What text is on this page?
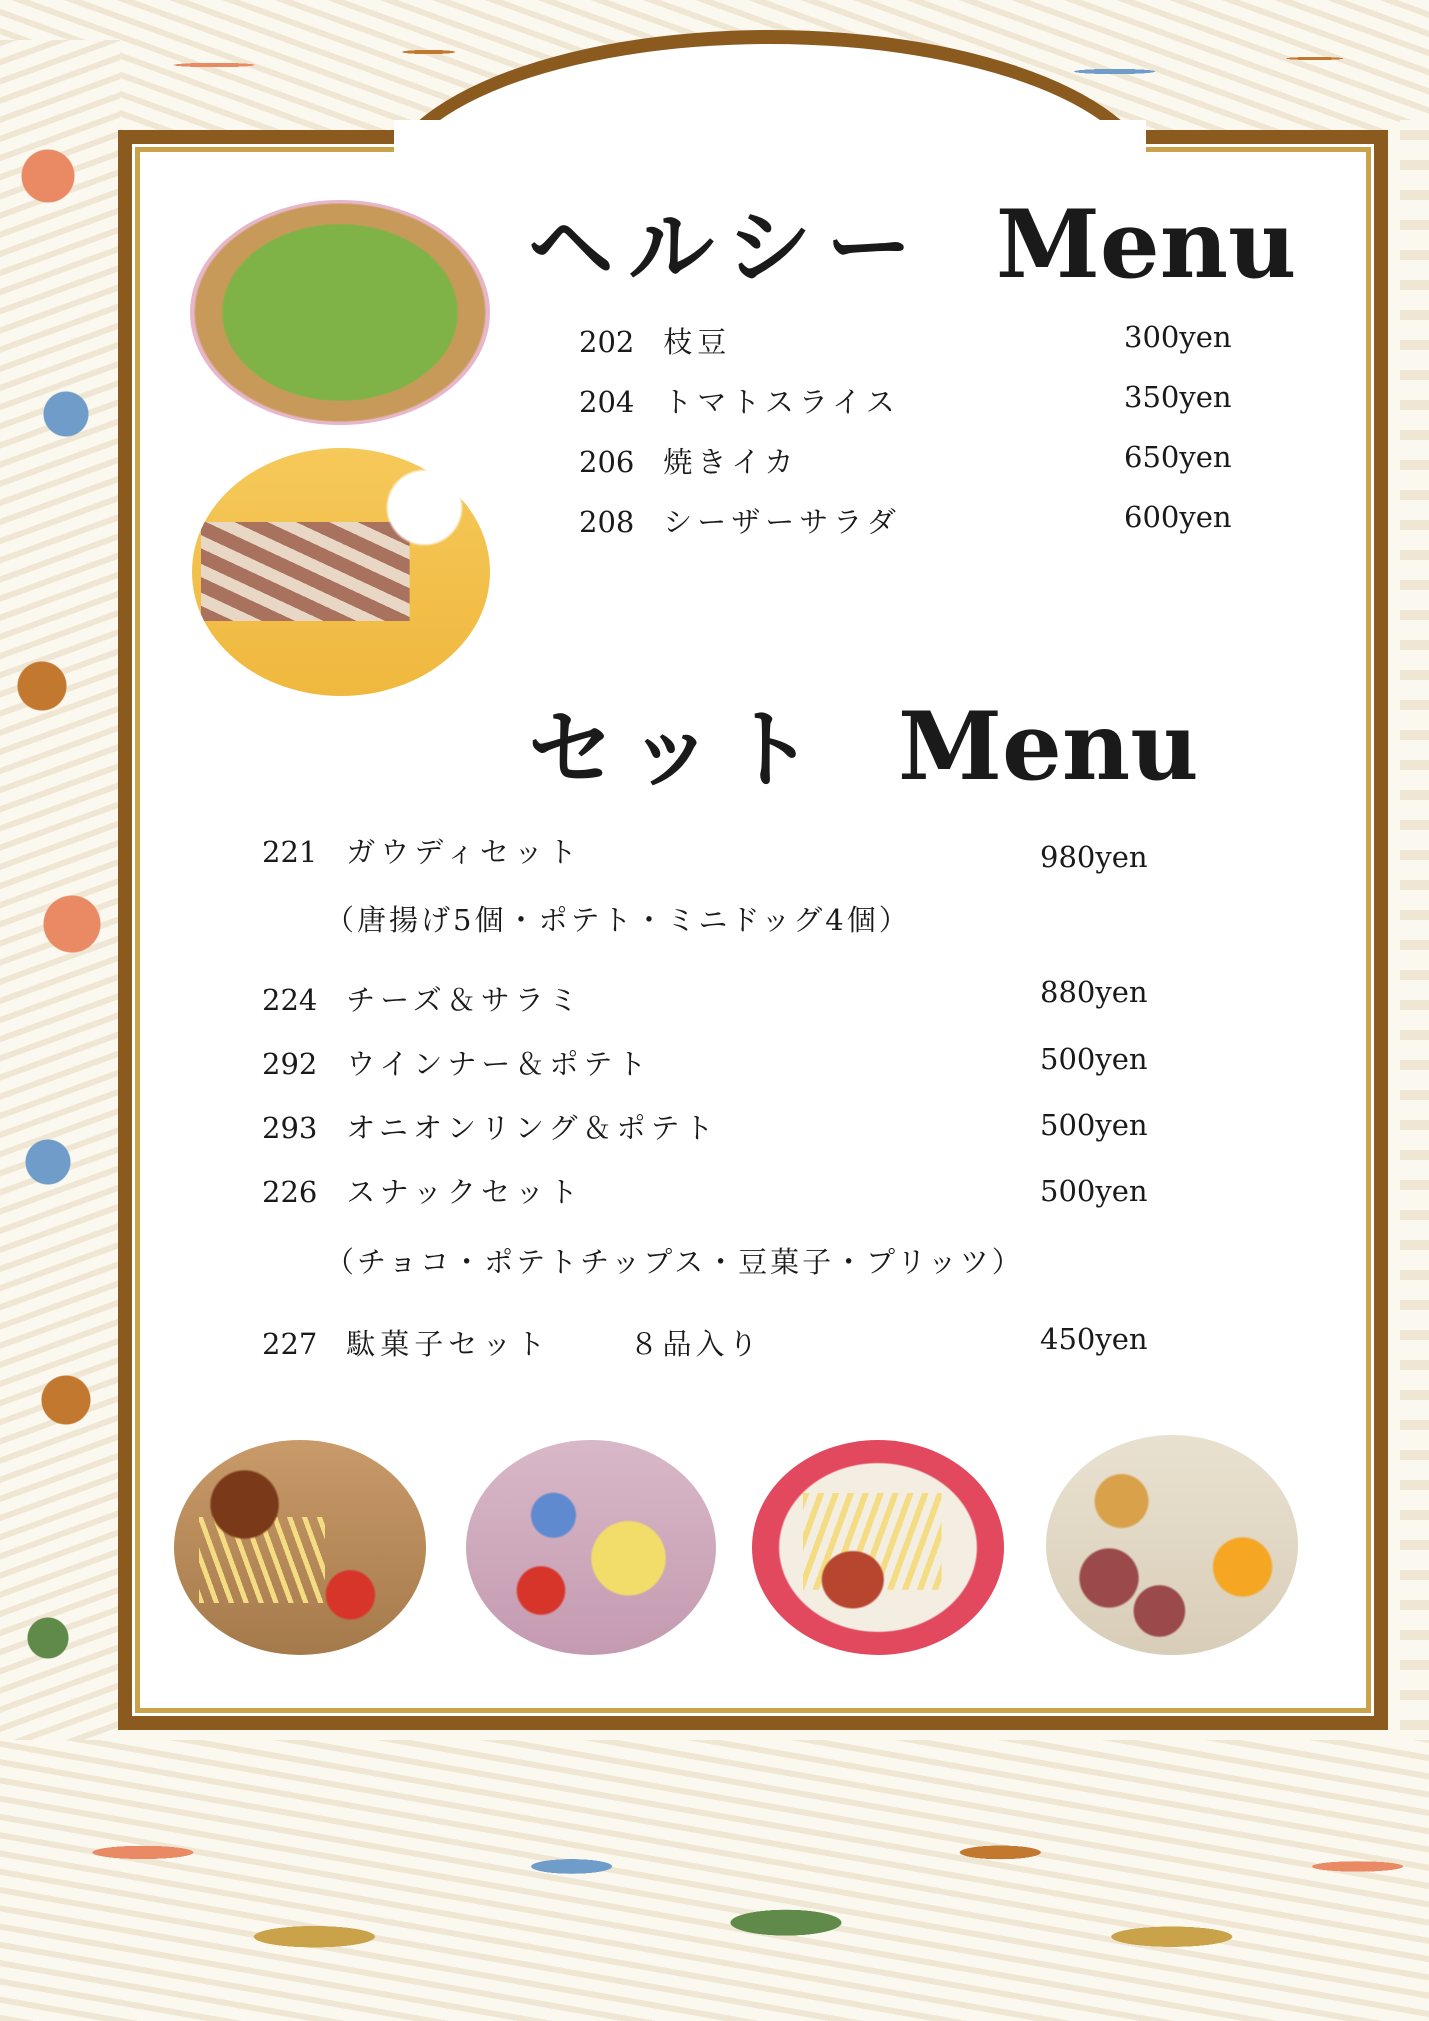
ヘルシー Menu
202 枝豆	300yen
204 トマトスライス	350yen
206 焼きイカ	650yen
208 シーザーサラダ	600yen
セット Menu
221 ガウディセット	980yen
（唐揚げ5個・ポテト・ミニドッグ4個）
224 チーズ＆サラミ	880yen
292 ウインナー＆ポテト	500yen
293 オニオンリング＆ポテト	500yen
226 スナックセット	500yen
（チョコ・ポテトチップス・豆菓子・プリッツ）
227 駄菓子セット	８品入り	450yen
